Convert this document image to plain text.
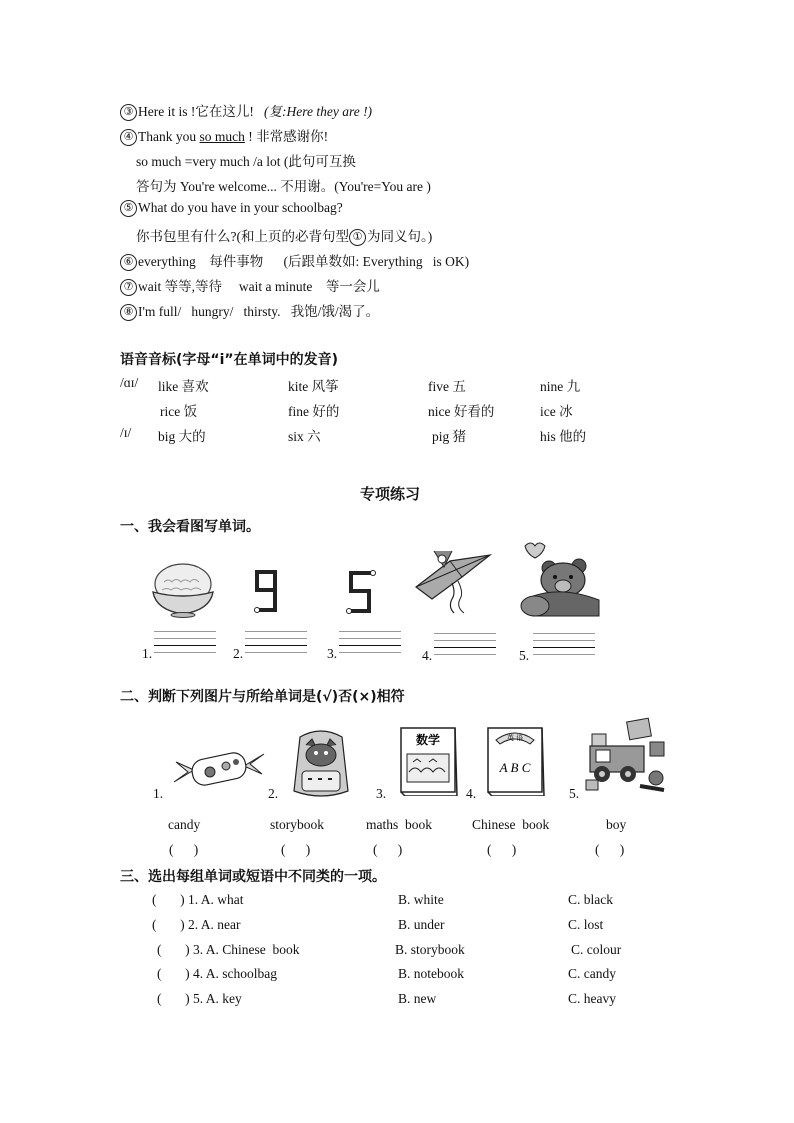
③ Here it is !它在这儿! (复:Here they are !)
④ Thank you so much ! 非常感谢你!
so much =very much /a lot (此句可互换
答句为 You're welcome... 不用谢。(You're=You are )
⑤ What do you have in your schoolbag?
你书包里有什么?(和上页的必背句型 ① 为同义句。)
⑥ everything    每件事物      (后跟单数如: Everything   is OK)
⑦ wait 等等,等待     wait a minute    等一会儿
⑧ I'm full/   hungry/   thirsty.   我饱/饿/渴了。
语音音标(字母“i”在单词中的发音)
/ɑɪ/ like 喜欢	kite 风筝	five 五	nine 九
rice 饭	fine 好的	nice 好看的	ice 冰
/ɪ/ big 大的	six 六	pig 猪	his 他的
专项练习
一、我会看图写单词。
1.	2.	3.	4.	5.
二、判断下列图片与所给单词是(√)否(×)相符
数学	英 语
A B C
1.	2.	3.	4.	5.
candy	storybook	maths  book	Chinese  book	boy
(      )	(      )	(      )	(      )	(      )
三、选出每组单词或短语中不同类的一项。
(       ) 1. A. what	B. white	C. black
(       ) 2. A. near	B. under	C. lost
(       ) 3. A. Chinese  book	B. storybook	C. colour
(       ) 4. A. schoolbag	B. notebook	C. candy
(       ) 5. A. key	B. new	C. heavy
